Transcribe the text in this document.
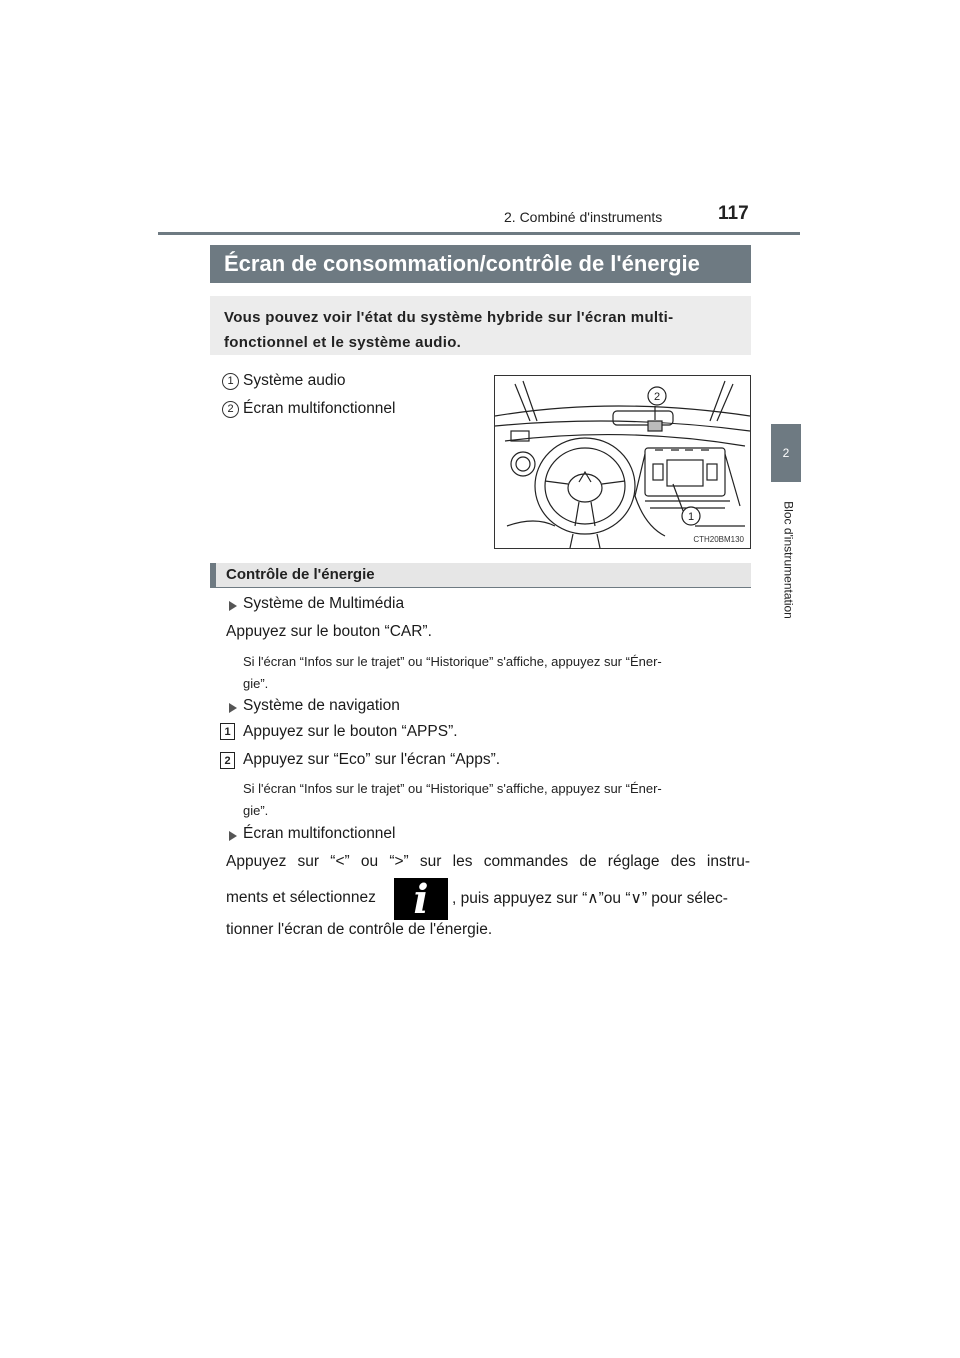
2. Combiné d'instruments	117
2
Bloc d'instrumentation
Écran de consommation/contrôle de l'énergie
Vous pouvez voir l'état du système hybride sur l'écran multi-
fonctionnel et le système audio.
1 Système audio
2 Écran multifonctionnel
2
1
CTH20BM130
Contrôle de l'énergie
Système de Multimédia
Appuyez sur le bouton “CAR”.
Si l'écran “Infos sur le trajet” ou “Historique” s'affiche, appuyez sur “Éner-
gie”.
Système de navigation
1 Appuyez sur le bouton “APPS”.
2 Appuyez sur “Eco” sur l'écran “Apps”.
Si l'écran “Infos sur le trajet” ou “Historique” s'affiche, appuyez sur “Éner-
gie”.
Écran multifonctionnel
Appuyez sur “<” ou “>” sur les commandes de réglage des instru-
ments et sélectionnez i	, puis appuyez sur “∧”ou “∨” pour sélec-
tionner l'écran de contrôle de l'énergie.
